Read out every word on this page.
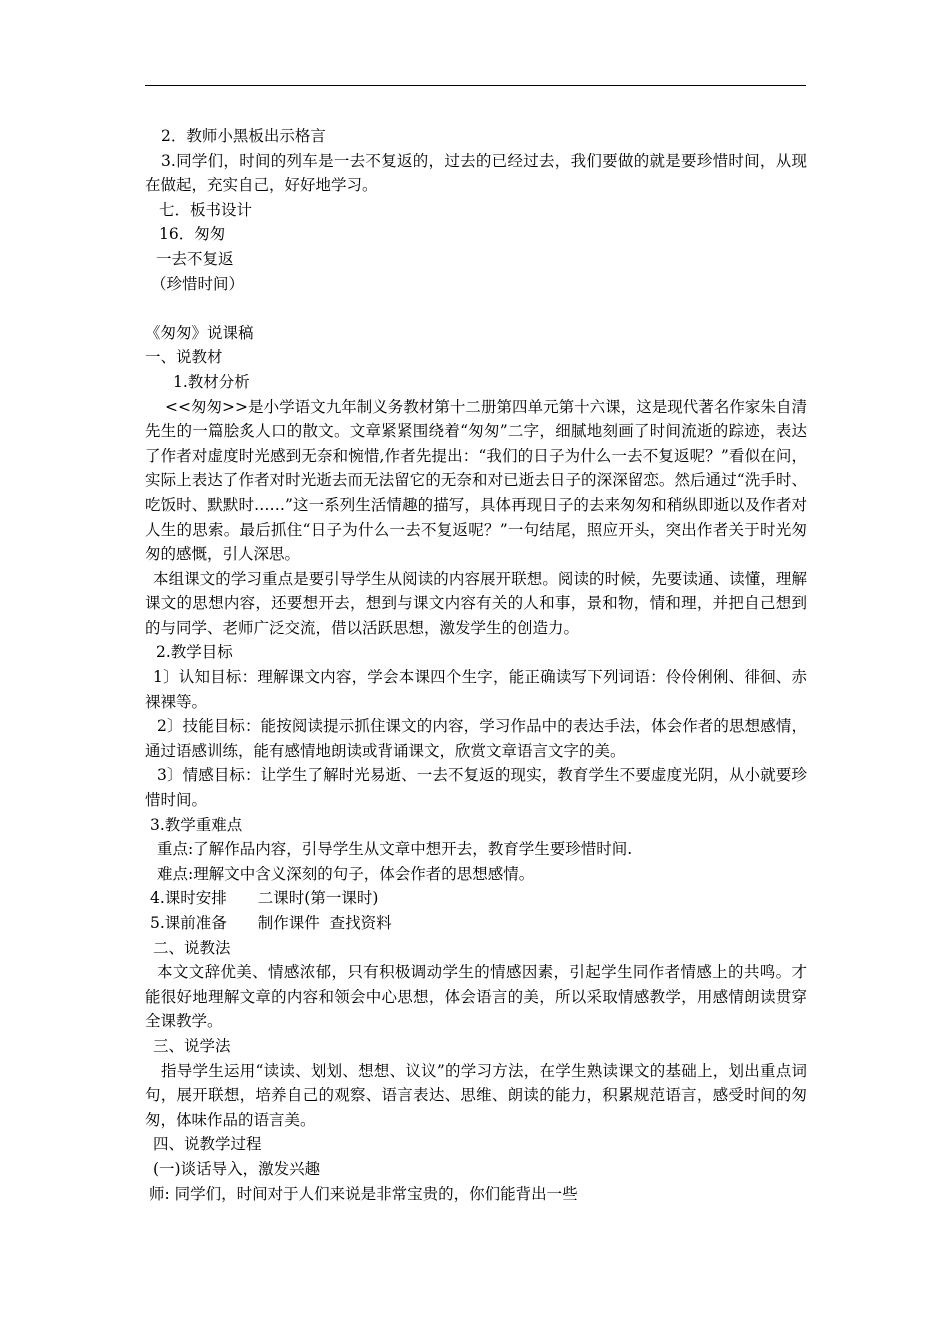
2．教师小黑板出示格言

3.同学们，时间的列车是一去不复返的，过去的已经过去，我们要做的就是要珍惜时间，从现在做起，充实自己，好好地学习。

七．板书设计

16．匆匆

一去不复返

（珍惜时间）

《匆匆》说课稿

一、说教材

1.教材分析

<<匆匆>>是小学语文九年制义务教材第十二册第四单元第十六课，这是现代著名作家朱自清先生的一篇脍炙人口的散文。文章紧紧围绕着“匆匆”二字，细腻地刻画了时间流逝的踪迹，表达了作者对虚度时光感到无奈和惋惜,作者先提出：“我们的日子为什么一去不复返呢？”看似在问，实际上表达了作者对时光逝去而无法留它的无奈和对已逝去日子的深深留恋。然后通过“洗手时、吃饭时、默默时……”这一系列生活情趣的描写，具体再现日子的去来匆匆和稍纵即逝以及作者对人生的思索。最后抓住“日子为什么一去不复返呢？”一句结尾，照应开头，突出作者关于时光匆匆的感慨，引人深思。

本组课文的学习重点是要引导学生从阅读的内容展开联想。阅读的时候，先要读通、读懂，理解课文的思想内容，还要想开去，想到与课文内容有关的人和事，景和物，情和理，并把自己想到的与同学、老师广泛交流，借以活跃思想，激发学生的创造力。

2.教学目标

1〕认知目标：理解课文内容，学会本课四个生字，能正确读写下列词语：伶伶俐俐、徘徊、赤裸裸等。

2〕技能目标：能按阅读提示抓住课文的内容，学习作品中的表达手法，体会作者的思想感情，通过语感训练，能有感情地朗读或背诵课文，欣赏文章语言文字的美。

3〕情感目标：让学生了解时光易逝、一去不复返的现实，教育学生不要虚度光阴，从小就要珍惜时间。

3.教学重难点

重点:了解作品内容，引导学生从文章中想开去，教育学生要珍惜时间.

难点:理解文中含义深刻的句子，体会作者的思想感情。

4.课时安排　　二课时(第一课时)

5.课前准备　　制作课件  查找资料

二、说教法

本文文辞优美、情感浓郁，只有积极调动学生的情感因素，引起学生同作者情感上的共鸣。才能很好地理解文章的内容和领会中心思想，体会语言的美，所以采取情感教学，用感情朗读贯穿全课教学。

三、说学法

指导学生运用“读读、划划、想想、议议”的学习方法，在学生熟读课文的基础上，划出重点词句，展开联想，培养自己的观察、语言表达、思维、朗读的能力，积累规范语言，感受时间的匆匆，体味作品的语言美。

四、说教学过程

(一)谈话导入，激发兴趣

师: 同学们，时间对于人们来说是非常宝贵的，你们能背出一些
